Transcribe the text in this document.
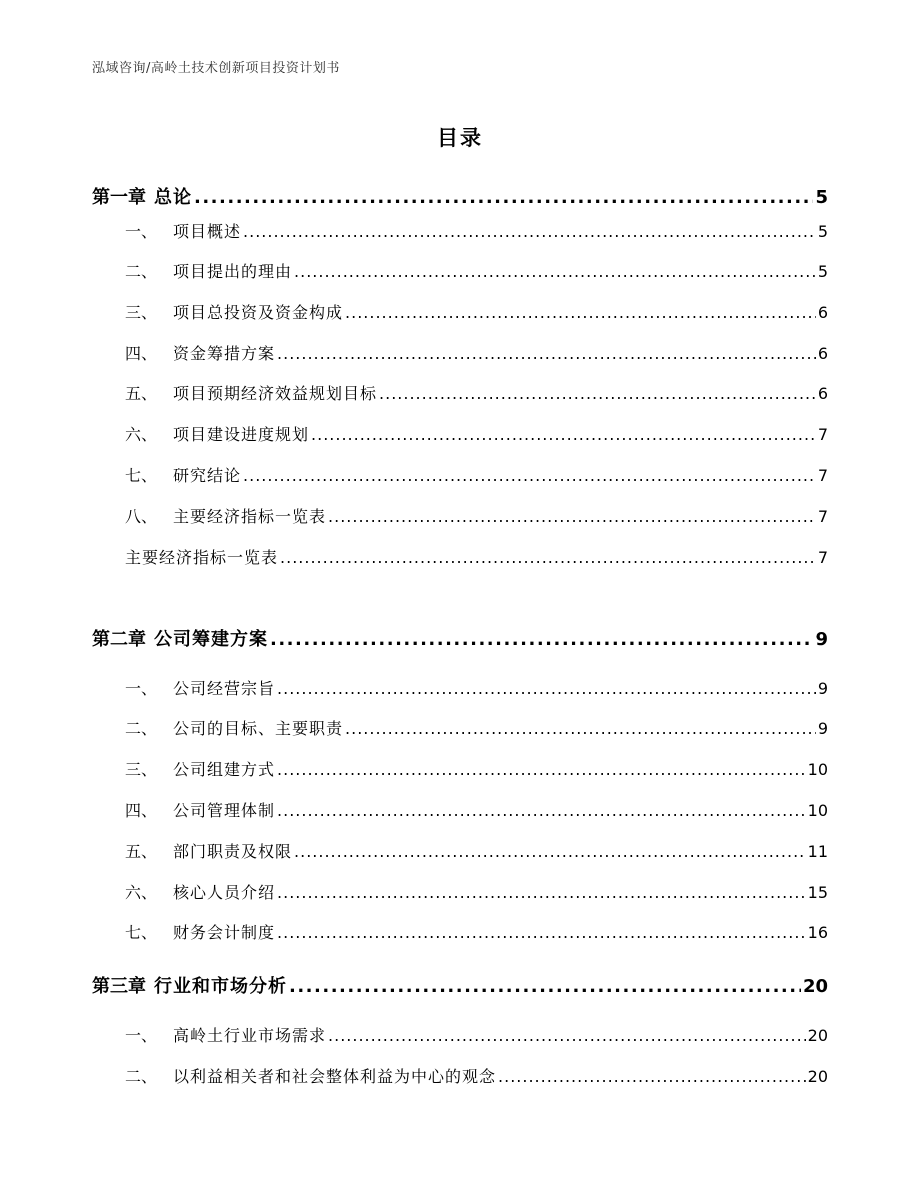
泓域咨询/高岭土技术创新项目投资计划书
目录
第一章 总论 .....	5
一、 项目概述 .....	5
二、 项目提出的理由 .....	5
三、 项目总投资及资金构成 .....	6
四、 资金筹措方案 .....	6
五、 项目预期经济效益规划目标 .....	6
六、 项目建设进度规划 .....	7
七、 研究结论 .....	7
八、 主要经济指标一览表 .....	7
主要经济指标一览表 .....	7
第二章 公司筹建方案 .....	9
一、 公司经营宗旨 .....	9
二、 公司的目标、主要职责 .....	9
三、 公司组建方式 .....	10
四、 公司管理体制 .....	10
五、 部门职责及权限 .....	11
六、 核心人员介绍 .....	15
七、 财务会计制度 .....	16
第三章 行业和市场分析 .....	20
一、 高岭土行业市场需求 .....	20
二、 以利益相关者和社会整体利益为中心的观念 .....	20
